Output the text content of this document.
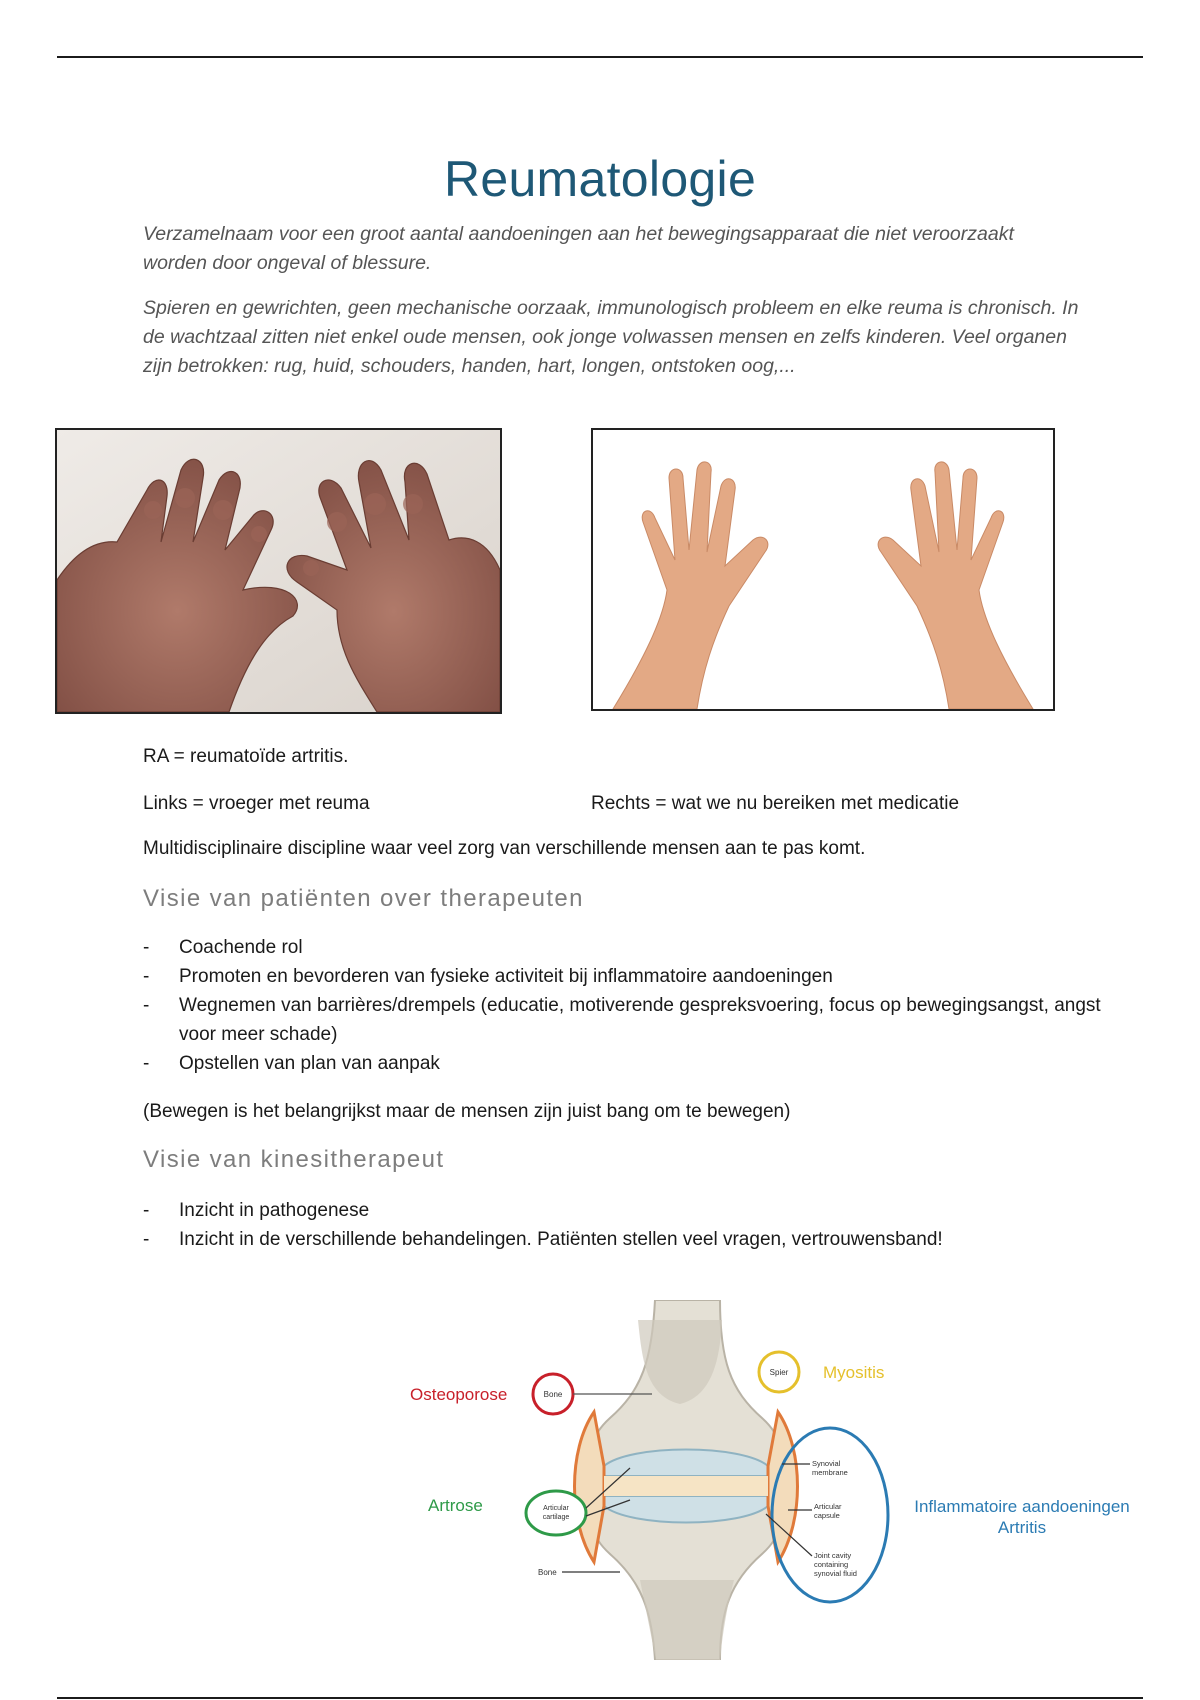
Reumatologie

Verzamelnaam voor een groot aantal aandoeningen aan het bewegingsapparaat die niet veroorzaakt worden door ongeval of blessure.

Spieren en gewrichten, geen mechanische oorzaak, immunologisch probleem en elke reuma is chronisch. In de wachtzaal zitten niet enkel oude mensen, ook jonge volwassen mensen en zelfs kinderen. Veel organen zijn betrokken: rug, huid, schouders, handen, hart, longen, ontstoken oog,...

RA = reumatoïde artritis.

Links = vroeger met reuma	Rechts = wat we nu bereiken met medicatie

Multidisciplinaire discipline waar veel zorg van verschillende mensen aan te pas komt.

Visie van patiënten over therapeuten
- Coachende rol
- Promoten en bevorderen van fysieke activiteit bij inflammatoire aandoeningen
- Wegnemen van barrières/drempels (educatie, motiverende gespreksvoering, focus op bewegingsangst, angst voor meer schade)
- Opstellen van plan van aanpak

(Bewegen is het belangrijkst maar de mensen zijn juist bang om te bewegen)

Visie van kinesitherapeut
- Inzicht in pathogenese
- Inzicht in de verschillende behandelingen. Patiënten stellen veel vragen, vertrouwensband!
Osteoporose	Bone
Spier Myositis
Artrose	Articular
cartilage
Bone
Synovial
membrane
Articular
capsule
Joint cavity
containing
synovial fluid
Inflammatoire aandoeningen
Artritis
